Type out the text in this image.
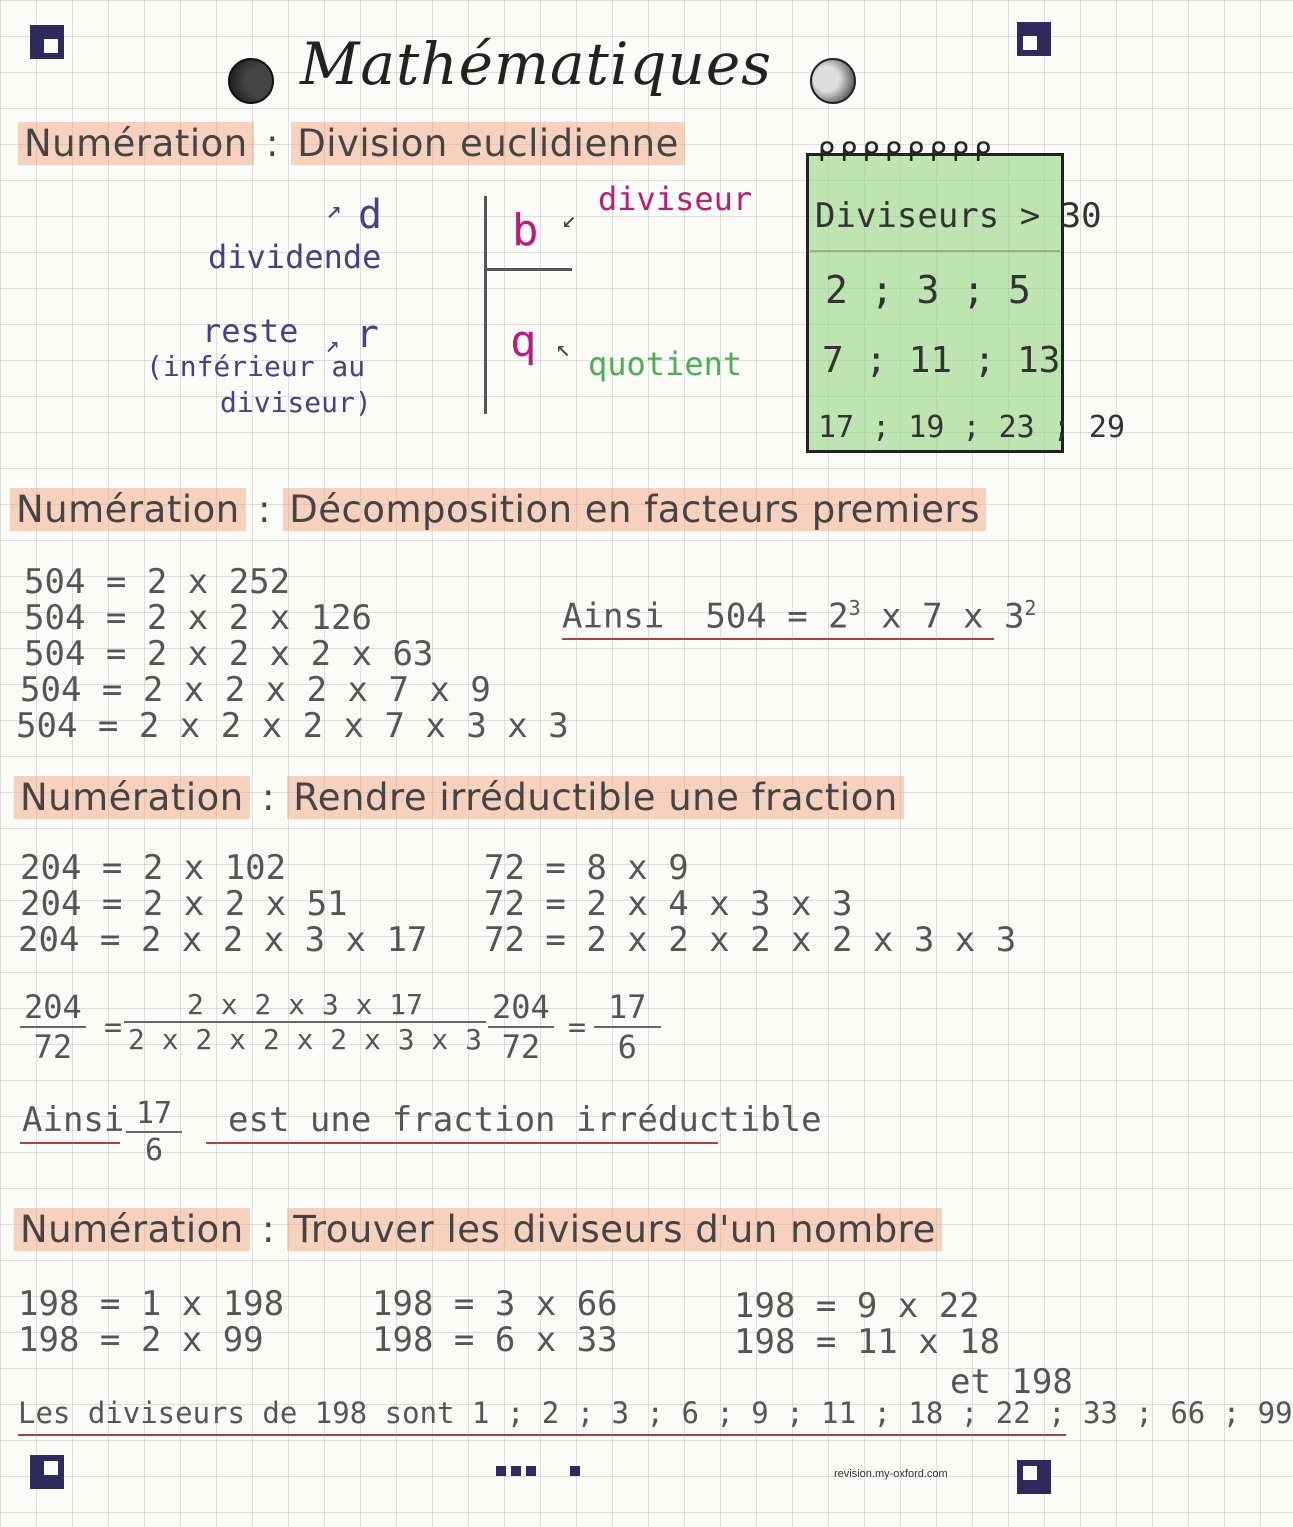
Mathématiques
Numération : Division euclidienne
↗ d
dividende
reste ↗ r
(inférieur au
diviseur)
b ↙
diviseur
q ↖ quotient
ᑭᑭᑭᑭᑭᑭᑭᑭ
Diviseurs > 30
2 ; 3 ; 5
7 ; 11 ; 13
17 ; 19 ; 23 ; 29
Numération : Décomposition en facteurs premiers
504 = 2 x 252
504 = 2 x 2 x 126
504 = 2 x 2 x 2 x 63
504 = 2 x 2 x 2 x 7 x 9
504 = 2 x 2 x 2 x 7 x 3 x 3
Ainsi $504 = 2^3$ x 7 x $3^2$
Numération : Rendre irréductible une fraction
204 = 2 x 102
204 = 2 x 2 x 51
204 = 2 x 2 x 3 x 17
72 = 8 x 9
72 = 2 x 4 x 3 x 3
72 = 2 x 2 x 2 x 2 x 3 x 3
$\frac{204}{72} = \frac{2 x 2 x 3 x 17}{2 x 2 x 2 x 2 x 3 x 3} \frac{204}{72} = \frac{17}{6}$
Ainsi $\frac{17}{6}$ est une fraction irréductible
Numération : Trouver les diviseurs d'un nombre
198 = 1 x 198
198 = 2 x 99
198 = 3 x 66
198 = 6 x 33
198 = 9 x 22
198 = 11 x 18
et 198
Les diviseurs de 198 sont 1 ; 2 ; 3 ; 6 ; 9 ; 11 ; 18 ; 22 ; 33 ; 66 ; 99
revision.my-oxford.com
